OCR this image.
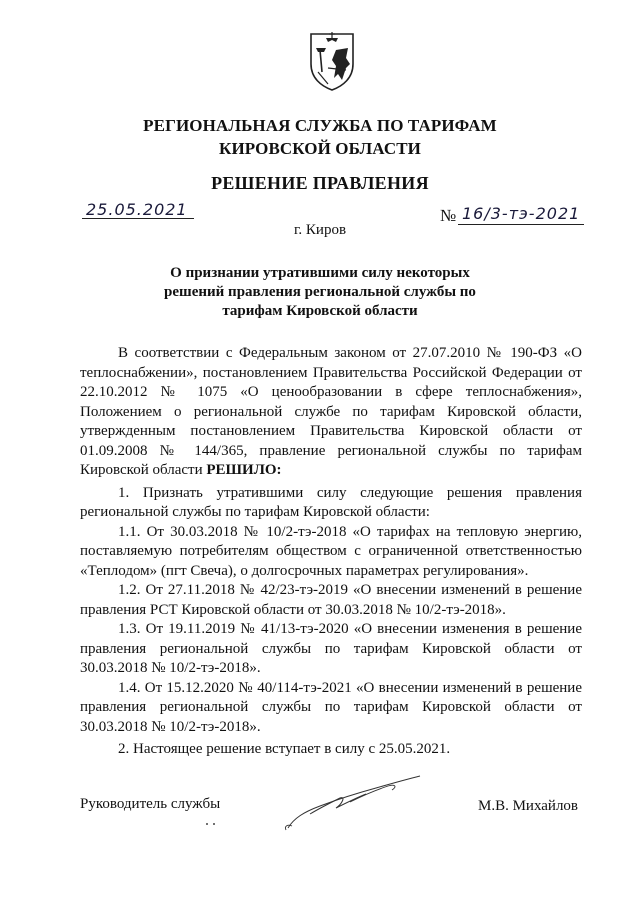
РЕГИОНАЛЬНАЯ СЛУЖБА ПО ТАРИФАМ
КИРОВСКОЙ ОБЛАСТИ
РЕШЕНИЕ ПРАВЛЕНИЯ
25.05.2021	№ 16/3-тэ-2021
г. Киров
О признании утратившими силу некоторых
решений правления региональной службы по
тарифам Кировской области

В соответствии с Федеральным законом от 27.07.2010 № 190-ФЗ «О теплоснабжении», постановлением Правительства Российской Федерации от 22.10.2012 № 1075 «О ценообразовании в сфере теплоснабжения», Положением о региональной службе по тарифам Кировской области, утвержденным постановлением Правительства Кировской области от 01.09.2008 № 144/365, правление региональной службы по тарифам Кировской области РЕШИЛО:

1. Признать утратившими силу следующие решения правления региональной службы по тарифам Кировской области:

1.1. От 30.03.2018 № 10/2-тэ-2018 «О тарифах на тепловую энергию, поставляемую потребителям обществом с ограниченной ответственностью «Теплодом» (пгт Свеча), о долгосрочных параметрах регулирования».

1.2. От 27.11.2018 № 42/23-тэ-2019 «О внесении изменений в решение правления РСТ Кировской области от 30.03.2018 № 10/2-тэ-2018».

1.3. От 19.11.2019 № 41/13-тэ-2020 «О внесении изменения в решение правления региональной службы по тарифам Кировской области от 30.03.2018 № 10/2-тэ-2018».

1.4. От 15.12.2020 № 40/114-тэ-2021 «О внесении изменений в решение правления региональной службы по тарифам Кировской области от 30.03.2018 № 10/2-тэ-2018».

2. Настоящее решение вступает в силу с 25.05.2021.

Руководитель службы	М.В. Михайлов
